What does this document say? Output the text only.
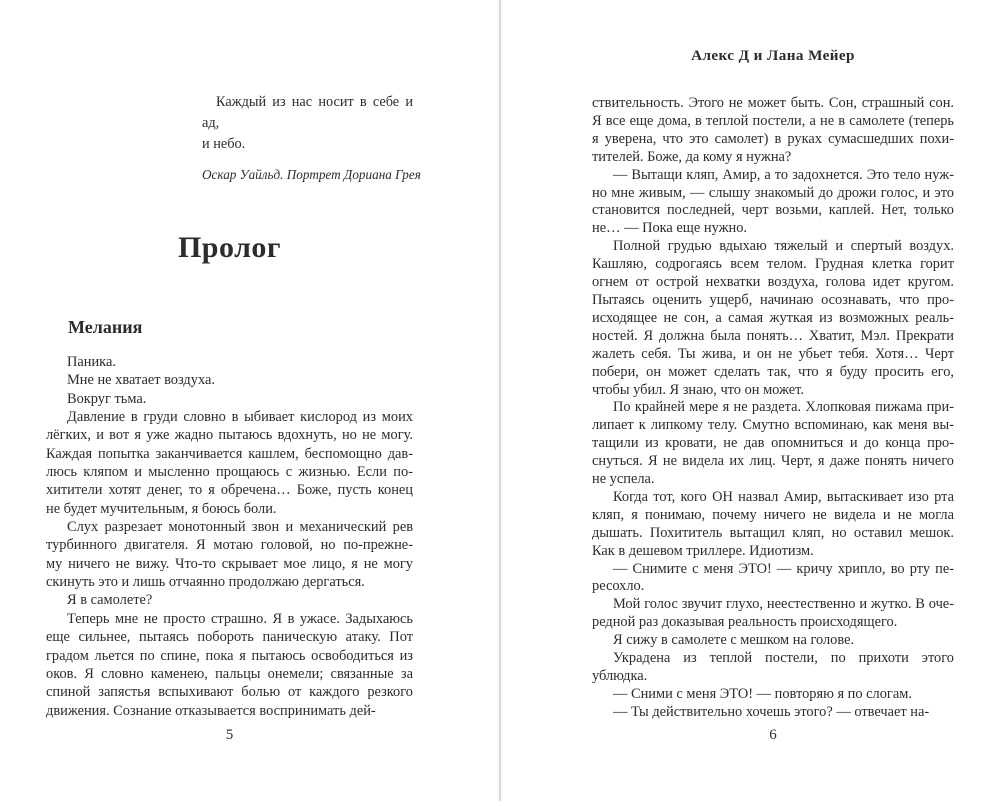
Каждый из нас носит в себе и ад,
и небо.
Оскар Уайльд. Портрет Дориана Грея
Пролог
Мелания
Паника.
Мне не хватает воздуха.
Вокруг тьма.
Давление в груди словно в ыбивает кислород из моих
лёгких, и вот я уже жадно пытаюсь вдохнуть, но не могу.
Каждая попытка заканчивается кашлем, беспомощно дав-
люсь кляпом и мысленно прощаюсь с жизнью. Если по-
хитители хотят денег, то я обречена… Боже, пусть конец
не будет мучительным, я боюсь боли.
Слух разрезает монотонный звон и механический рев
турбинного двигателя. Я мотаю головой, но по-прежне-
му ничего не вижу. Что-то скрывает мое лицо, я не могу
скинуть это и лишь отчаянно продолжаю дергаться.
Я в самолете?
Теперь мне не просто страшно. Я в ужасе. Задыхаюсь
еще сильнее, пытаясь побороть паническую атаку. Пот
градом льется по спине, пока я пытаюсь освободиться из
оков. Я словно каменею, пальцы онемели; связанные за
спиной запястья вспыхивают болью от каждого резкого
движения. Сознание отказывается воспринимать дей-
5
Алекс Д и Лана Мейер
ствительность. Этого не может быть. Сон, страшный сон.
Я все еще дома, в теплой постели, а не в самолете (теперь
я уверена, что это самолет) в руках сумасшедших похи-
тителей. Боже, да кому я нужна?
— Вытащи кляп, Амир, а то задохнется. Это тело нуж-
но мне живым, — слышу знакомый до дрожи голос, и это
становится последней, черт возьми, каплей. Нет, только
не… — Пока еще нужно.
Полной грудью вдыхаю тяжелый и спертый воздух.
Кашляю, содрогаясь всем телом. Грудная клетка горит
огнем от острой нехватки воздуха, голова идет кругом.
Пытаясь оценить ущерб, начинаю осознавать, что про-
исходящее не сон, а самая жуткая из возможных реаль-
ностей. Я должна была понять… Хватит, Мэл. Прекрати
жалеть себя. Ты жива, и он не убьет тебя. Хотя… Черт
побери, он может сделать так, что я буду просить его,
чтобы убил. Я знаю, что он может.
По крайней мере я не раздета. Хлопковая пижама при-
липает к липкому телу. Смутно вспоминаю, как меня вы-
тащили из кровати, не дав опомниться и до конца про-
снуться. Я не видела их лиц. Черт, я даже понять ничего
не успела.
Когда тот, кого ОН назвал Амир, вытаскивает изо рта
кляп, я понимаю, почему ничего не видела и не могла
дышать. Похититель вытащил кляп, но оставил мешок.
Как в дешевом триллере. Идиотизм.
— Снимите с меня ЭТО! — кричу хрипло, во рту пе-
ресохло.
Мой голос звучит глухо, неестественно и жутко. В оче-
редной раз доказывая реальность происходящего.
Я сижу в самолете с мешком на голове.
Украдена из теплой постели, по прихоти этого
ублюдка.
— Сними с меня ЭТО! — повторяю я по слогам.
— Ты действительно хочешь этого? — отвечает на-
6
